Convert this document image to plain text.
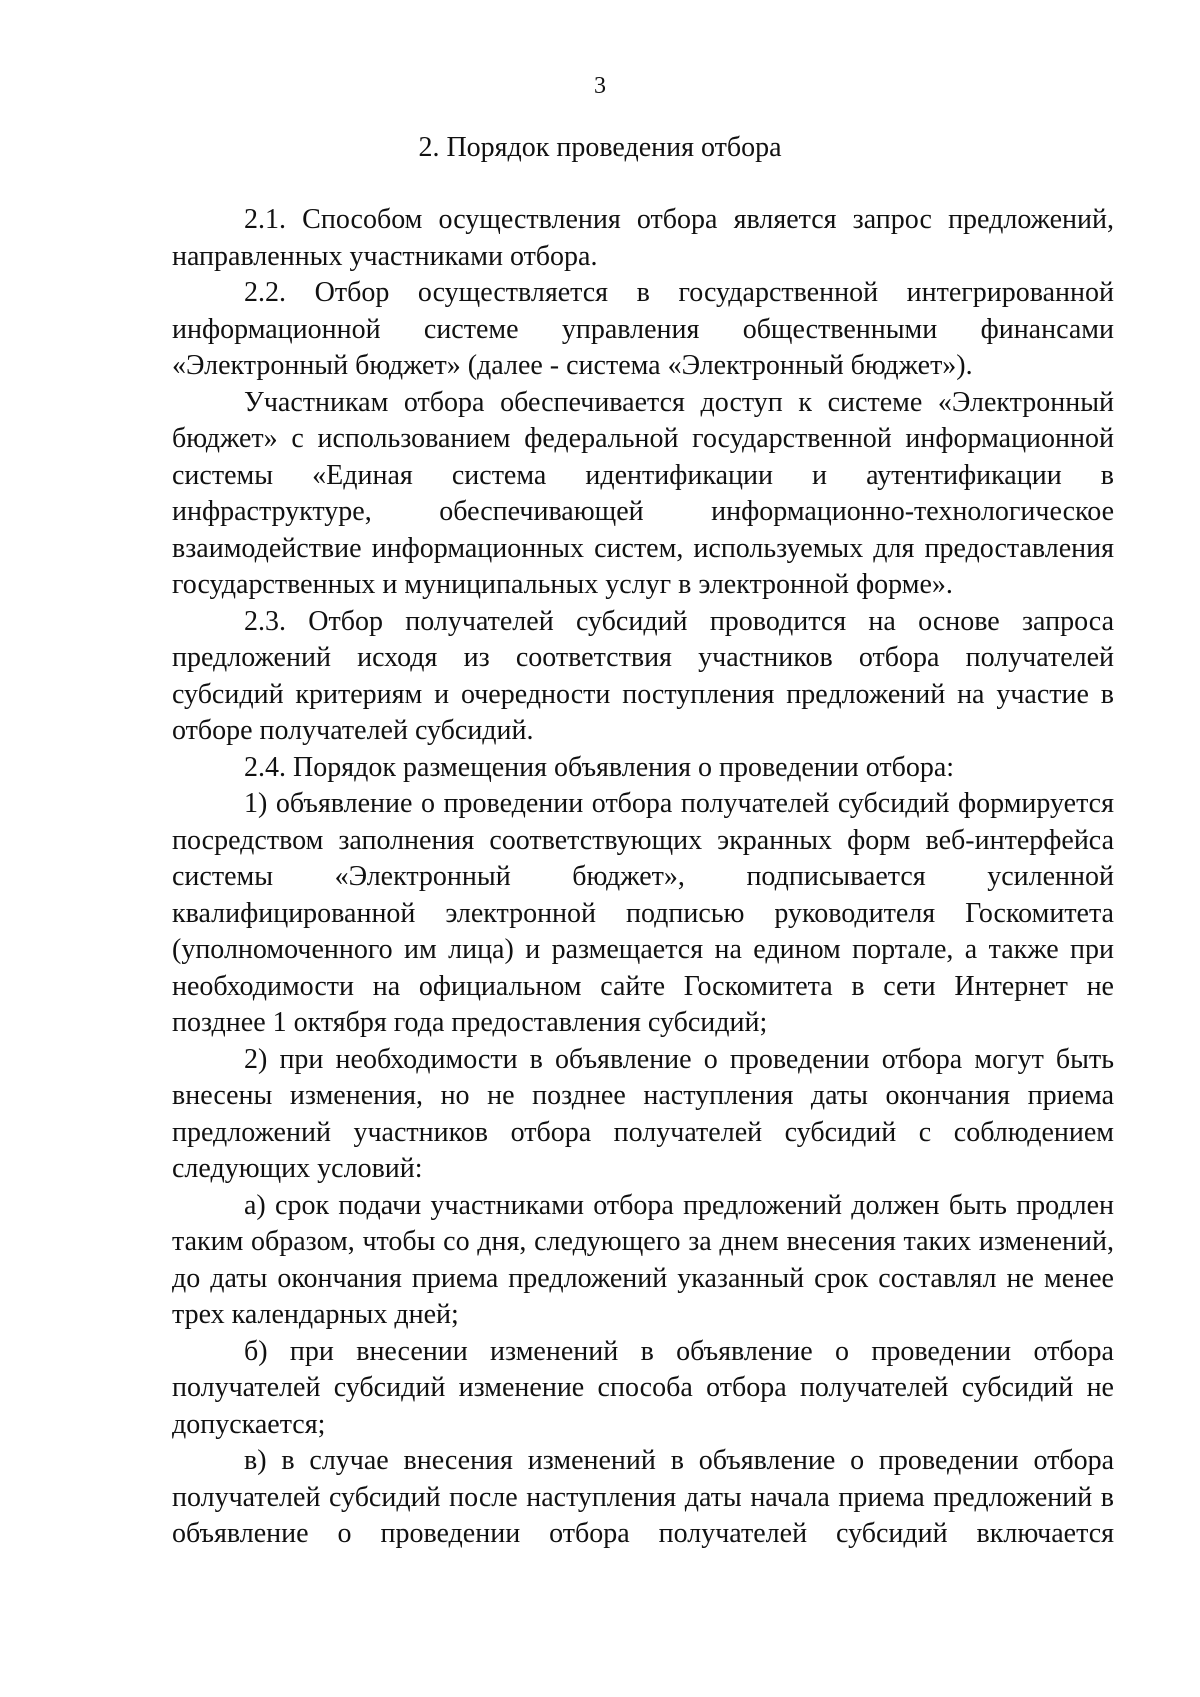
3
2. Порядок проведения отбора

2.1. Способом осуществления отбора является запрос предложений, направленных участниками отбора.

2.2. Отбор осуществляется в государственной интегрированной информационной системе управления общественными финансами «Электронный бюджет» (далее - система «Электронный бюджет»).

Участникам отбора обеспечивается доступ к системе «Электронный бюджет» с использованием федеральной государственной информационной системы «Единая система идентификации и аутентификации в инфраструктуре, обеспечивающей информационно-технологическое взаимодействие информационных систем, используемых для предоставления государственных и муниципальных услуг в электронной форме».

2.3. Отбор получателей субсидий проводится на основе запроса предложений исходя из соответствия участников отбора получателей субсидий критериям и очередности поступления предложений на участие в отборе получателей субсидий.

2.4. Порядок размещения объявления о проведении отбора:

1) объявление о проведении отбора получателей субсидий формируется посредством заполнения соответствующих экранных форм веб-интерфейса системы «Электронный бюджет», подписывается усиленной квалифицированной электронной подписью руководителя Госкомитета (уполномоченного им лица) и размещается на едином портале, а также при необходимости на официальном сайте Госкомитета в сети Интернет не позднее 1 октября года предоставления субсидий;

2) при необходимости в объявление о проведении отбора могут быть внесены изменения, но не позднее наступления даты окончания приема предложений участников отбора получателей субсидий с соблюдением следующих условий:

а) срок подачи участниками отбора предложений должен быть продлен таким образом, чтобы со дня, следующего за днем внесения таких изменений, до даты окончания приема предложений указанный срок составлял не менее трех календарных дней;

б) при внесении изменений в объявление о проведении отбора получателей субсидий изменение способа отбора получателей субсидий не допускается;

в) в случае внесения изменений в объявление о проведении отбора получателей субсидий после наступления даты начала приема предложений в объявление о проведении отбора получателей субсидий включается
